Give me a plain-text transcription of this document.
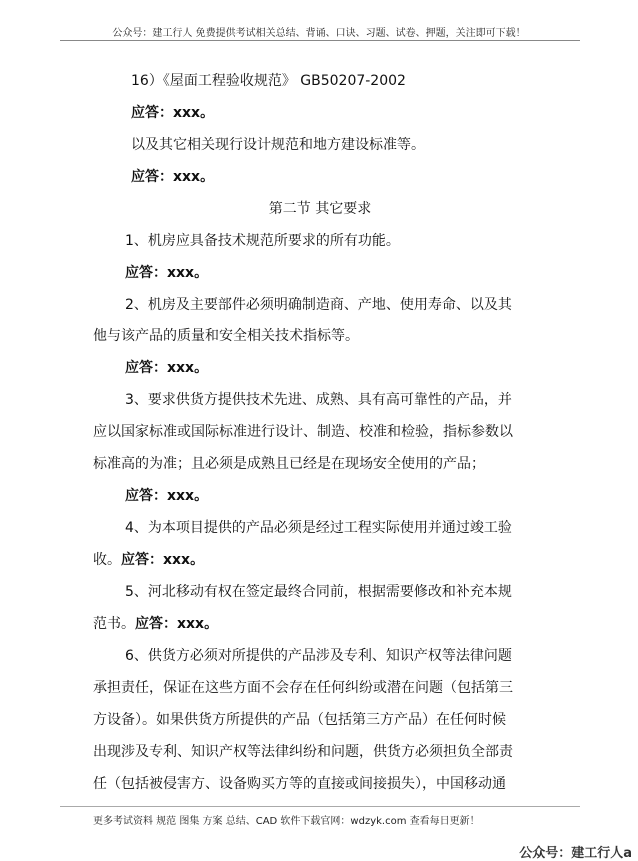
公众号：建工行人 免费提供考试相关总结、背诵、口诀、习题、试卷、押题，关注即可下载！
16）《屋面工程验收规范》 GB50207-2002
应答：xxx。
以及其它相关现行设计规范和地方建设标准等。
应答：xxx。
第二节 其它要求
1、机房应具备技术规范所要求的所有功能。
应答：xxx。
2、机房及主要部件必须明确制造商、产地、使用寿命、以及其
他与该产品的质量和安全相关技术指标等。
应答：xxx。
3、要求供货方提供技术先进、成熟、具有高可靠性的产品，并
应以国家标准或国际标准进行设计、制造、校准和检验，指标参数以
标准高的为准；且必须是成熟且已经是在现场安全使用的产品；
应答：xxx。
4、为本项目提供的产品必须是经过工程实际使用并通过竣工验
收。应答：xxx。
5、河北移动有权在签定最终合同前，根据需要修改和补充本规
范书。应答：xxx。
6、供货方必须对所提供的产品涉及专利、知识产权等法律问题
承担责任，保证在这些方面不会存在任何纠纷或潜在问题（包括第三
方设备）。如果供货方所提供的产品（包括第三方产品）在任何时候
出现涉及专利、知识产权等法律纠纷和问题，供货方必须担负全部责
任（包括被侵害方、设备购买方等的直接或间接损失），中国移动通
更多考试资料 规范 图集 方案 总结、CAD 软件下载官网：wdzyk.com 查看每日更新！
公众号：建工行人a
